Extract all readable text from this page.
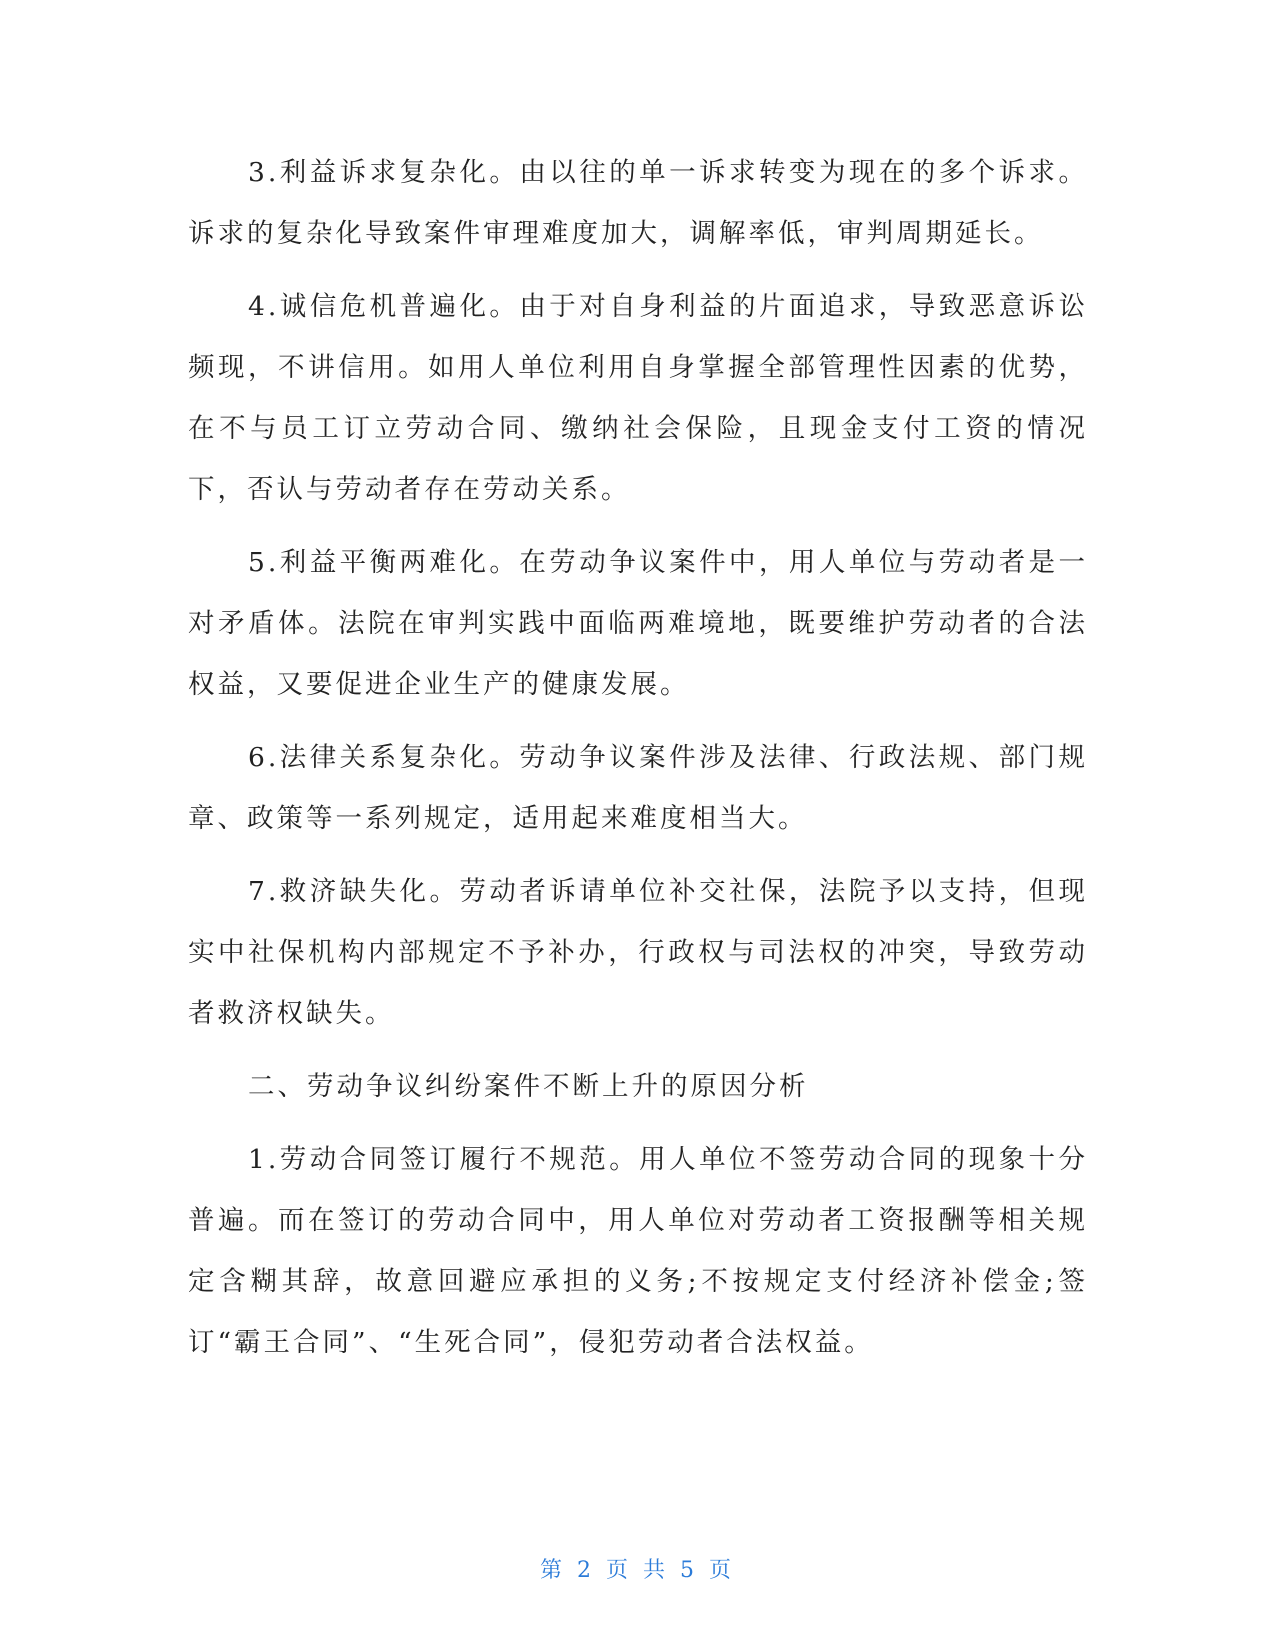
3.利益诉求复杂化。由以往的单一诉求转变为现在的多个诉求。诉求的复杂化导致案件审理难度加大，调解率低，审判周期延长。

4.诚信危机普遍化。由于对自身利益的片面追求，导致恶意诉讼频现，不讲信用。如用人单位利用自身掌握全部管理性因素的优势，在不与员工订立劳动合同、缴纳社会保险，且现金支付工资的情况下，否认与劳动者存在劳动关系。

5.利益平衡两难化。在劳动争议案件中，用人单位与劳动者是一对矛盾体。法院在审判实践中面临两难境地，既要维护劳动者的合法权益，又要促进企业生产的健康发展。

6.法律关系复杂化。劳动争议案件涉及法律、行政法规、部门规章、政策等一系列规定，适用起来难度相当大。

7.救济缺失化。劳动者诉请单位补交社保，法院予以支持，但现实中社保机构内部规定不予补办，行政权与司法权的冲突，导致劳动者救济权缺失。

二、劳动争议纠纷案件不断上升的原因分析

1.劳动合同签订履行不规范。用人单位不签劳动合同的现象十分普遍。而在签订的劳动合同中，用人单位对劳动者工资报酬等相关规定含糊其辞，故意回避应承担的义务;不按规定支付经济补偿金;签订“霸王合同”、“生死合同”，侵犯劳动者合法权益。

第 2 页 共 5 页
